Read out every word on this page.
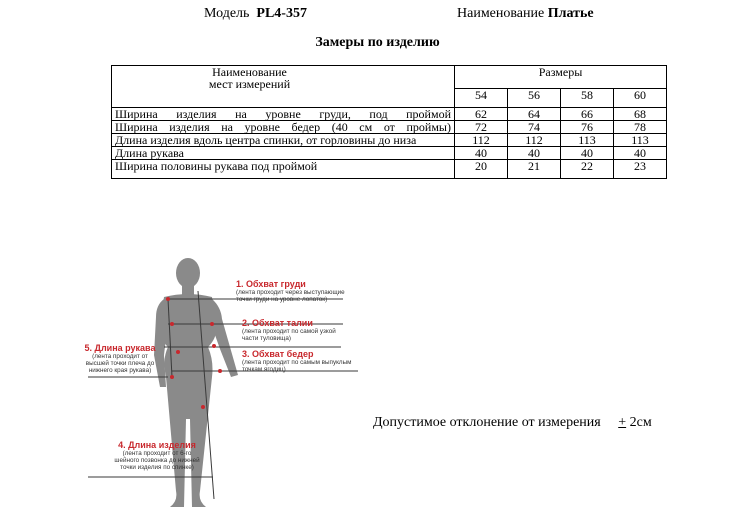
Модель PL4-357	Наименование Платье
Замеры по изделию
Наименование
мест измерений	Размеры			
	54	56	58	60
Ширина изделия на уровне груди, под проймой	62	64	66	68
Ширина изделия на уровне бедер (40 см от проймы)	72	74	76	78
Длина изделия вдоль центра спинки, от горловины до низа	112	112	113	113
Длина рукава	40	40	40	40
Ширина половины рукава под проймой	20	21	22	23
1. Обхват груди
(лента проходит через выступающие точки груди на уровне лопаток)
2. Обхват талии
(лента проходит по самой узкой части туловища)
3. Обхват бедер
(лента проходит по самым выпуклым точкам ягодиц)
4. Длина изделия
(лента проходит от 6-го шейного позвонка до нижней точки изделия по спинке)
5. Длина рукава
(лента проходит от высшей точки плеча до нижнего края рукава)
Допустимое отклонение от измерения + 2см
